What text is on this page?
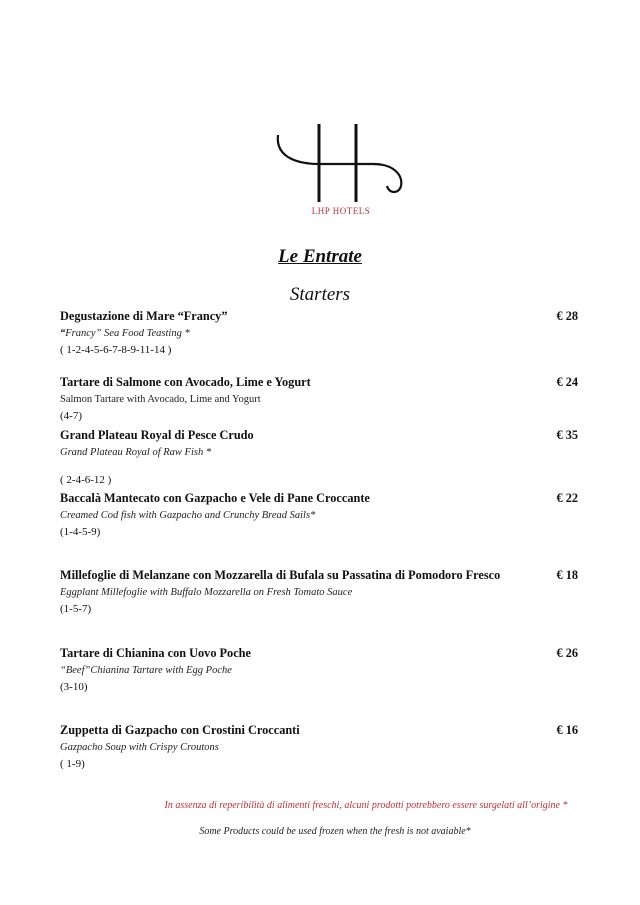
LHP HOTELS
Le Entrate
Starters
Degustazione di Mare “Francy”
“Francy” Sea Food Teasting *
( 1-2-4-5-6-7-8-9-11-14 )
€ 28
Tartare di Salmone con Avocado, Lime e Yogurt
Salmon Tartare with Avocado, Lime and Yogurt
(4-7)
€ 24
Grand Plateau Royal di Pesce Crudo
Grand Plateau Royal of Raw Fish *
( 2-4-6-12 )
€ 35
Baccalà Mantecato con Gazpacho e Vele di Pane Croccante
Creamed Cod fish with Gazpacho and Crunchy Bread Sails*
(1-4-5-9)
€ 22
Millefoglie di Melanzane con Mozzarella di Bufala su Passatina di Pomodoro Fresco
Eggplant Millefoglie with Buffalo Mozzarella on Fresh Tomato Sauce
(1-5-7)
€ 18
Tartare di Chianina con Uovo Poche
“Beef”Chianina Tartare with Egg Poche
(3-10)
€ 26
Zuppetta di Gazpacho con Crostini Croccanti
Gazpacho Soup with Crispy Croutons
( 1-9)
€ 16
In assenza di reperibilità di alimenti freschi, alcuni prodotti potrebbero essere surgelati all’origine *
Some Products could be used frozen when the fresh is not avaiable*
